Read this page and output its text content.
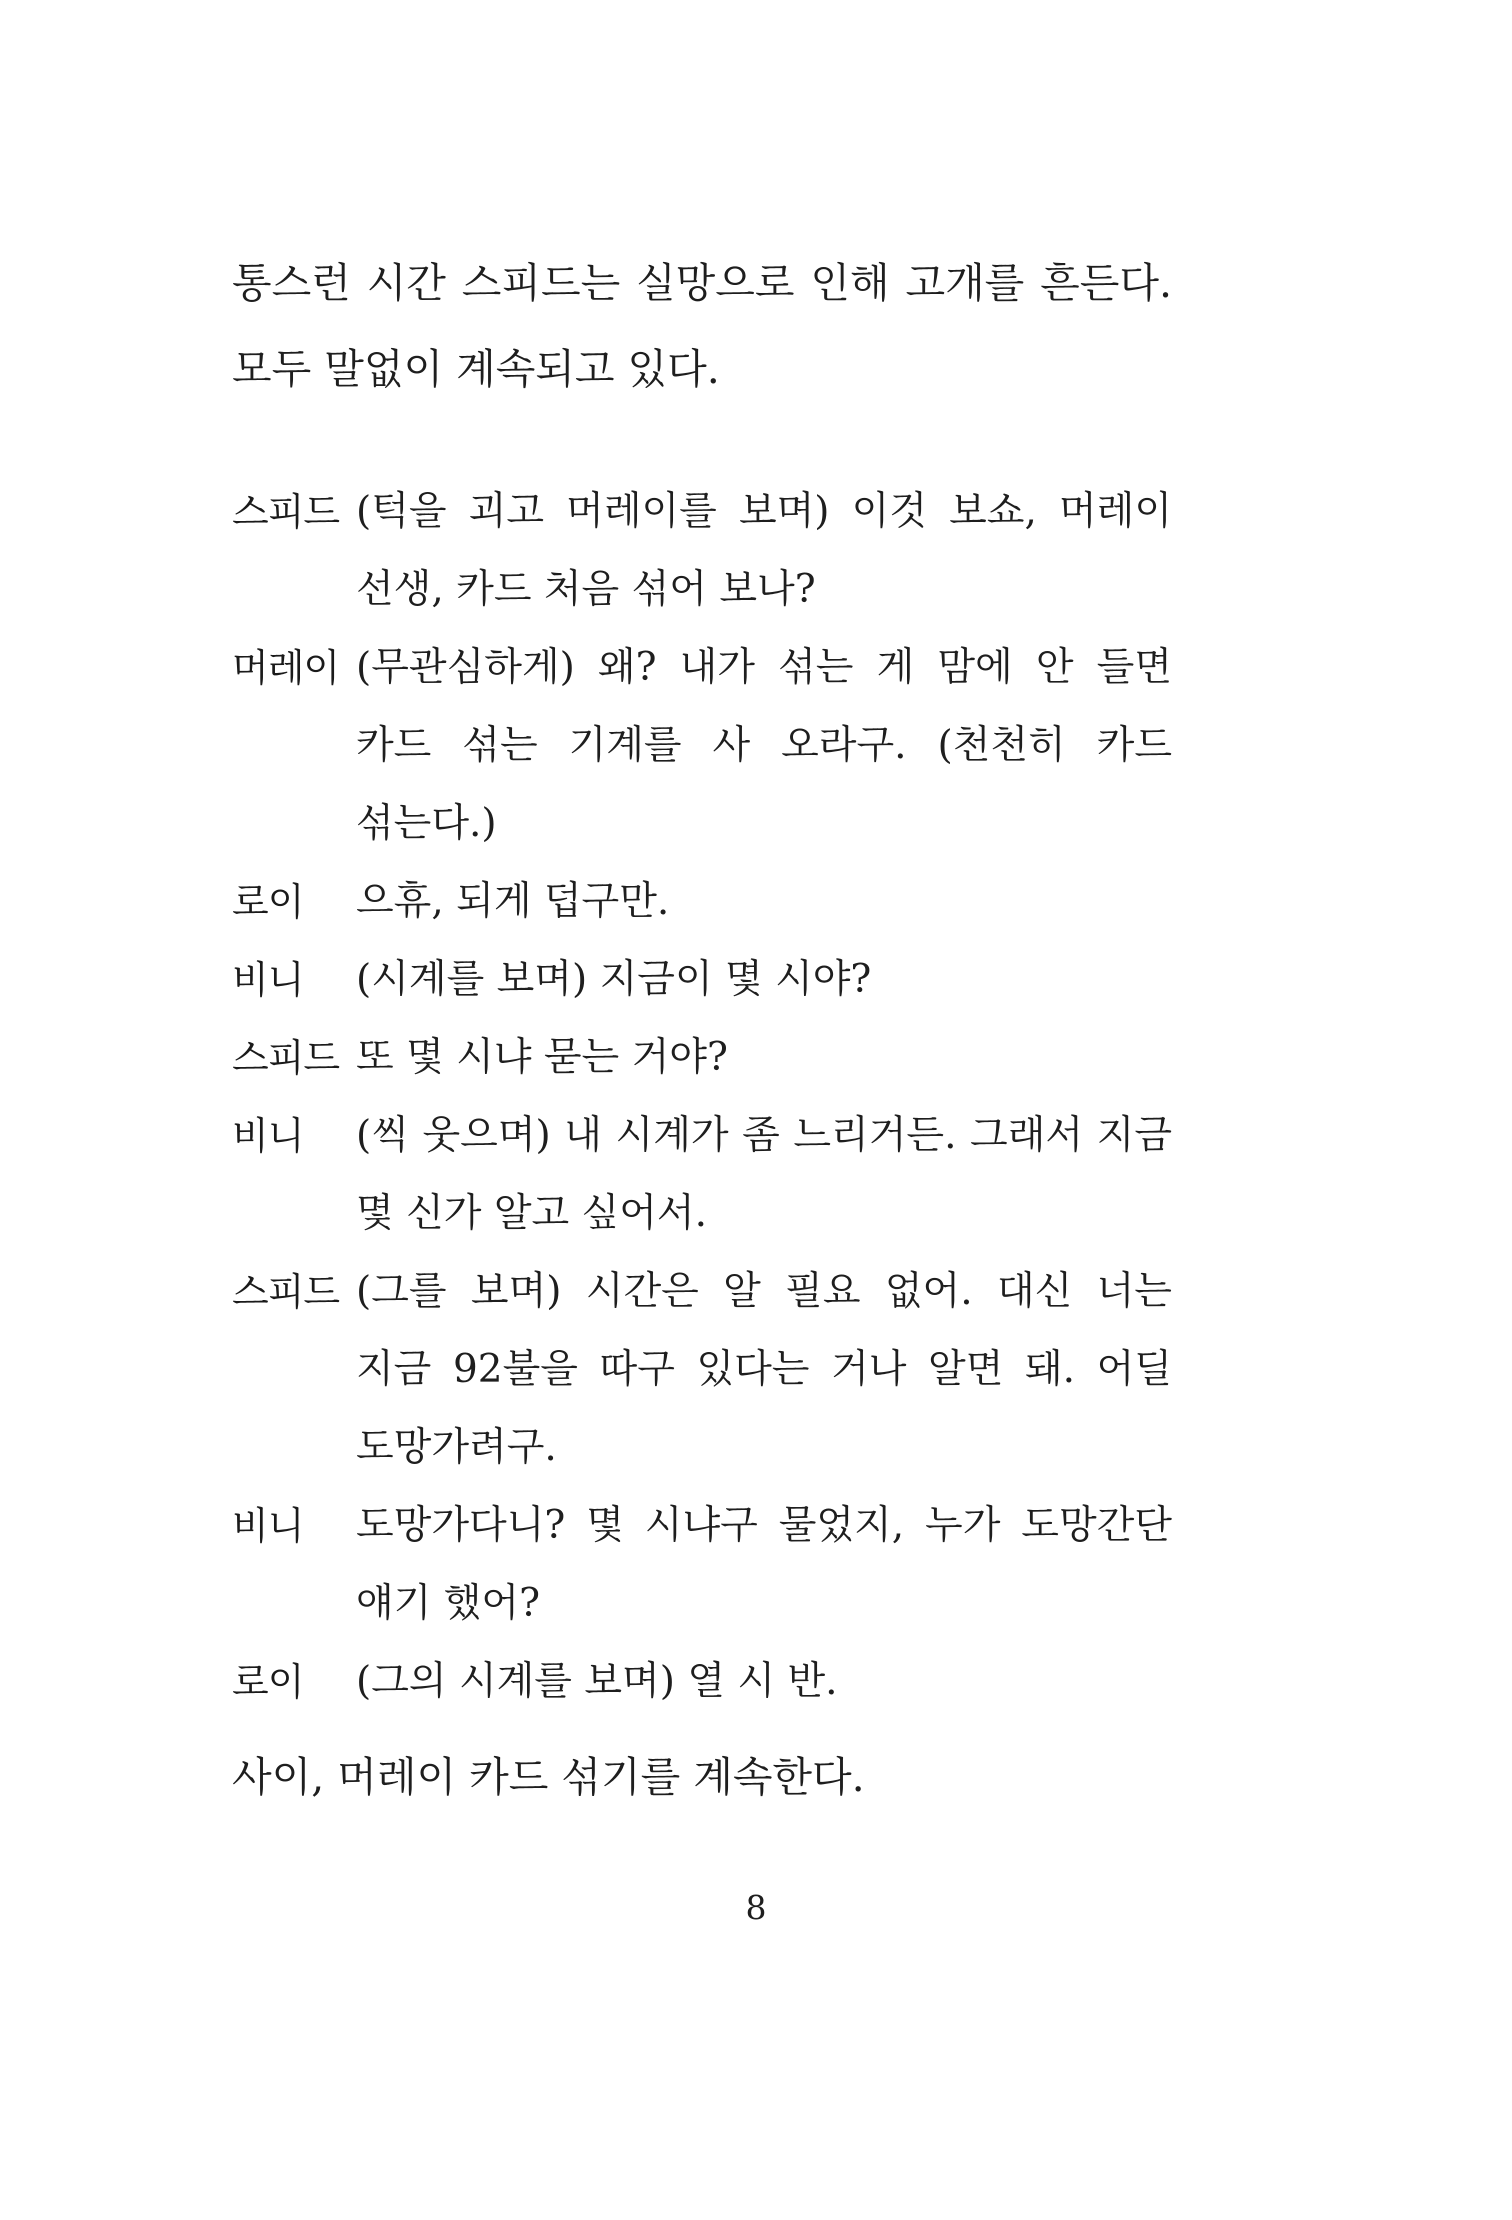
통스런 시간 스피드는 실망으로 인해 고개를 흔든다. 모두 말없이 계속되고 있다.

스피드 (턱을 괴고 머레이를 보며) 이것 보쇼, 머레이 선생, 카드 처음 섞어 보나?

머레이 (무관심하게) 왜? 내가 섞는 게 맘에 안 들면 카드 섞는 기계를 사 오라구. (천천히 카드 섞는다.)

로이 으휴, 되게 덥구만.

비니 (시계를 보며) 지금이 몇 시야?

스피드 또 몇 시냐 묻는 거야?

비니 (씩 웃으며) 내 시계가 좀 느리거든. 그래서 지금 몇 신가 알고 싶어서.

스피드 (그를 보며) 시간은 알 필요 없어. 대신 너는 지금 92불을 따구 있다는 거나 알면 돼. 어딜 도망가려구.

비니 도망가다니? 몇 시냐구 물었지, 누가 도망간단 얘기 했어?

로이 (그의 시계를 보며) 열 시 반.

사이, 머레이 카드 섞기를 계속한다.

8
